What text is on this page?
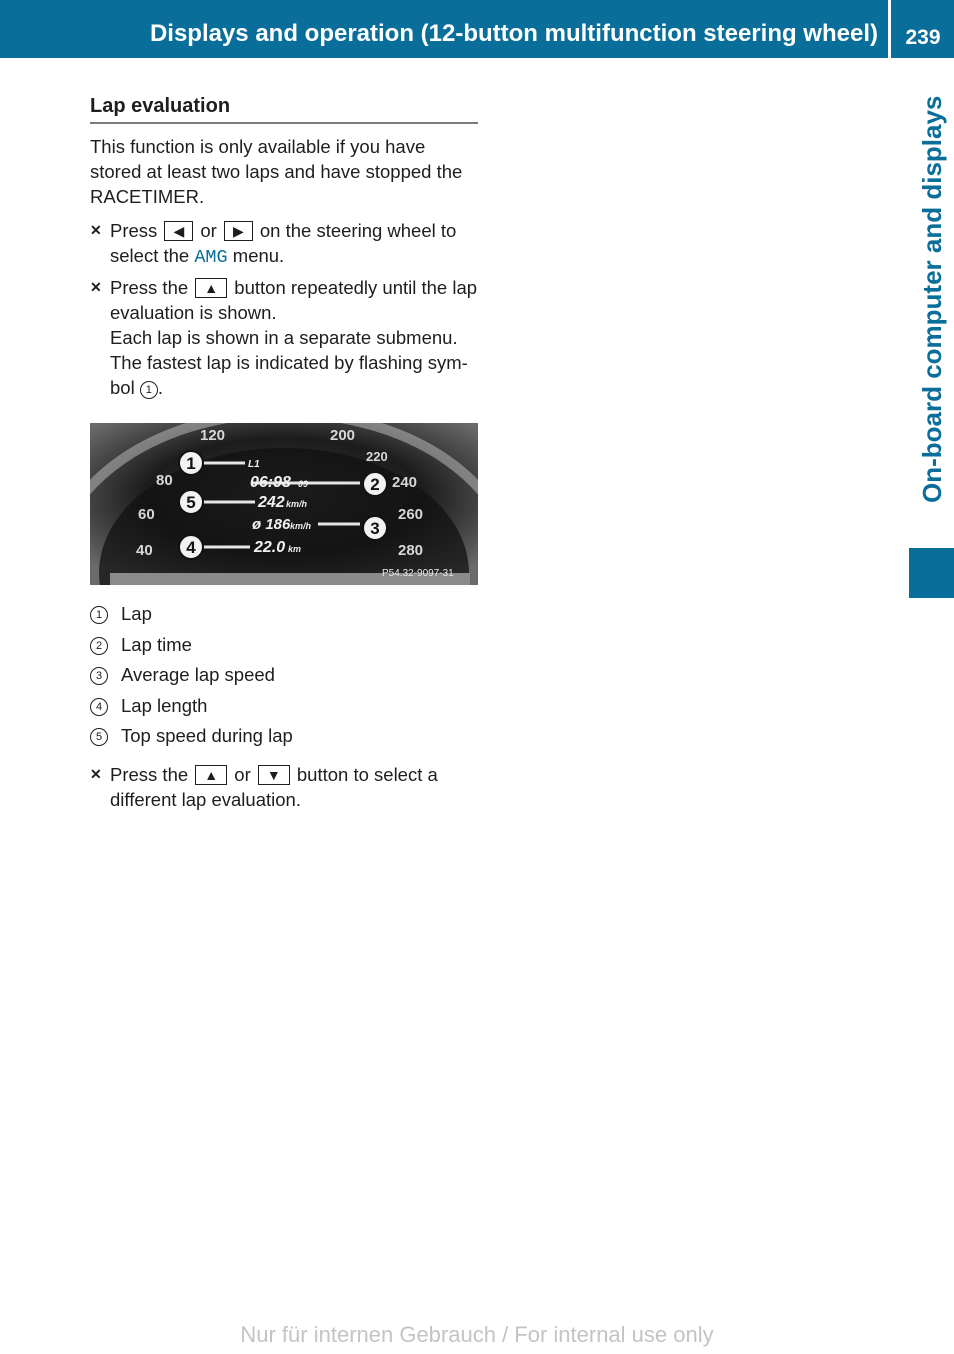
Displays and operation (12-button multifunction steering wheel)	239
On-board computer and displays
Lap evaluation

This function is only available if you have stored at least two laps and have stopped the RACETIMER.

✕ Press ◀ or ▶ on the steering wheel to select the AMG menu.
✕ Press the ▲ button repeatedly until the lap evaluation is shown.
Each lap is shown in a separate submenu.
The fastest lap is indicated by flashing sym-bol 1 .
120	200
220
240
260
280
80
60
40
L1
06:98 09
242 km/h
ø 186 km/h
22.0 km
1
2
3
4
5
P54.32-9097-31
1	Lap
2	Lap time
3	Average lap speed
4	Lap length
5	Top speed during lap
✕ Press the ▲ or ▼ button to select a different lap evaluation.
Nur für internen Gebrauch / For internal use only
